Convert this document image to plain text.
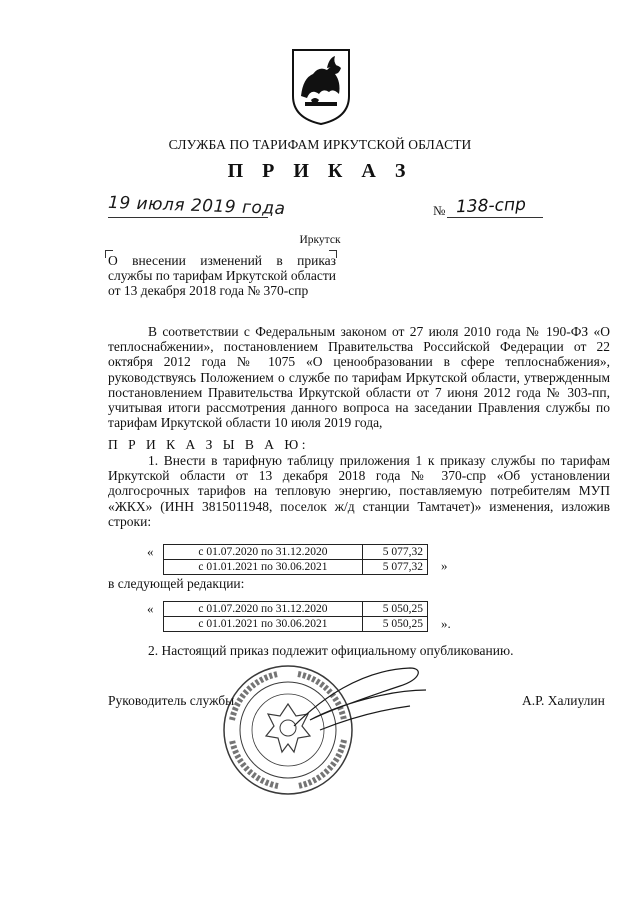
СЛУЖБА ПО ТАРИФАМ ИРКУТСКОЙ ОБЛАСТИ
П Р И К А З
19 июля 2019 года	№ 138-спр
Иркутск
О внесении изменений в приказ службы по тарифам Иркутской области от 13 декабря 2018 года № 370-спр
В соответствии с Федеральным законом от 27 июля 2010 года № 190-ФЗ «О теплоснабжении», постановлением Правительства Российской Федерации от 22 октября 2012 года № 1075 «О ценообразовании в сфере теплоснабжения», руководствуясь Положением о службе по тарифам Иркутской области, утвержденным постановлением Правительства Иркутской области от 7 июня 2012 года № 303-пп, учитывая итоги рассмотрения данного вопроса на заседании Правления службы по тарифам Иркутской области 10 июля 2019 года,
П Р И К А З Ы В А Ю:
1. Внести в тарифную таблицу приложения 1 к приказу службы по тарифам Иркутской области от 13 декабря 2018 года № 370-спр «Об установлении долгосрочных тарифов на тепловую энергию, поставляемую потребителям МУП «ЖКХ» (ИНН 3815011948, поселок ж/д станции Тамтачет)» изменения, изложив строки:
«	с 01.07.2020 по 31.12.2020	5 077,32
с 01.01.2021 по 30.06.2021	5 077,32 »
в следующей редакции:
«	с 01.07.2020 по 31.12.2020	5 050,25
с 01.01.2021 по 30.06.2021	5 050,25 ».
2. Настоящий приказ подлежит официальному опубликованию.
Руководитель службы	А.Р. Халиулин
